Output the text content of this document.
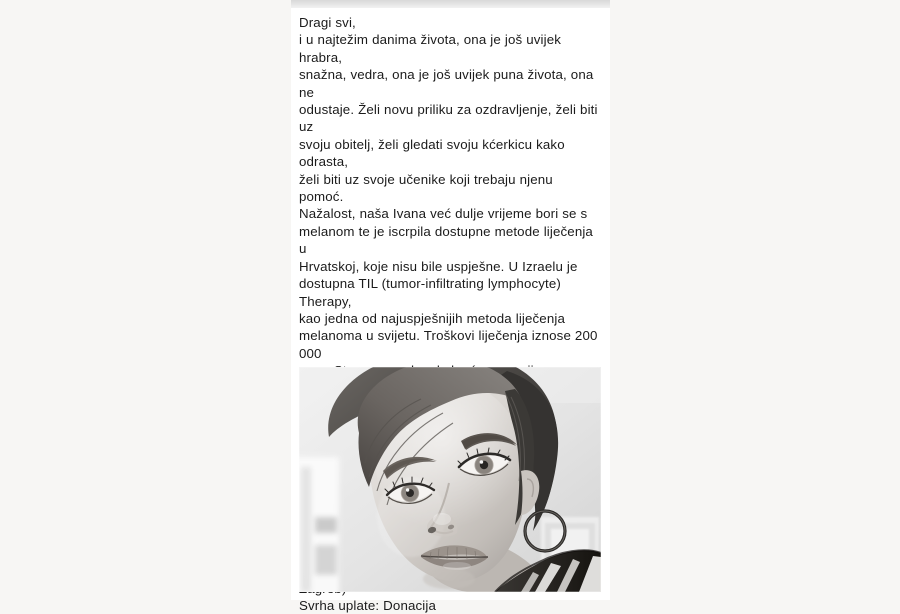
Dragi svi,
i u najtežim danima života, ona je još uvijek hrabra,
snažna, vedra, ona je još uvijek puna života, ona ne
odustaje. Želi novu priliku za ozdravljenje, želi biti uz
svoju obitelj, želi gledati svoju kćerkicu kako odrasta,
želi biti uz svoje učenike koji trebaju njenu pomoć.
Nažalost, naša Ivana već dulje vrijeme bori se s
melanom te je iscrpila dostupne metode liječenja u
Hrvatskoj, koje nisu bile uspješne. U Izraelu je
dostupna TIL (tumor-infiltrating lymphocyte) Therapy,
kao jedna od najuspješnijih metoda liječenja
melanoma u svijetu. Troškovi liječenja iznose 200 000

Svrha uplate: Donacija
